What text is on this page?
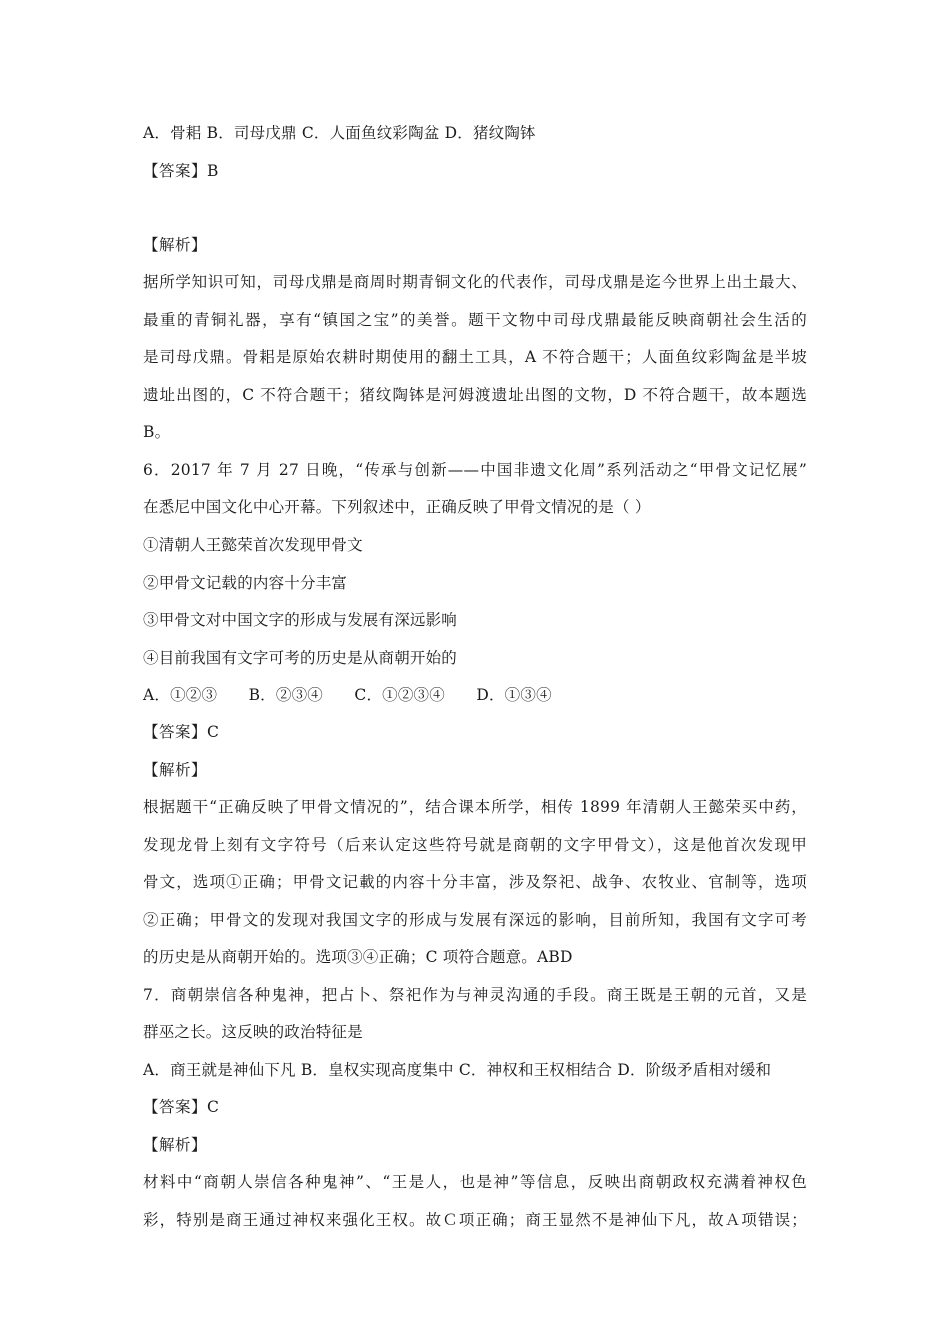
A．骨耜 B．司母戊鼎 C．人面鱼纹彩陶盆 D．猪纹陶钵
【答案】B
【解析】
据所学知识可知，司母戊鼎是商周时期青铜文化的代表作，司母戊鼎是迄今世界上出土最大、
最重的青铜礼器，享有“镇国之宝”的美誉。题干文物中司母戊鼎最能反映商朝社会生活的
是司母戊鼎。骨耜是原始农耕时期使用的翻土工具，A 不符合题干；人面鱼纹彩陶盆是半坡
遗址出图的，C 不符合题干；猪纹陶钵是河姆渡遗址出图的文物，D 不符合题干，故本题选
B。
6．2017 年 7 月 27 日晚，“传承与创新——中国非遗文化周”系列活动之“甲骨文记忆展”
在悉尼中国文化中心开幕。下列叙述中，正确反映了甲骨文情况的是（ ）
①清朝人王懿荣首次发现甲骨文
②甲骨文记载的内容十分丰富
③甲骨文对中国文字的形成与发展有深远影响
④目前我国有文字可考的历史是从商朝开始的
A．①②③　　B．②③④　　C．①②③④　　D．①③④
【答案】C
【解析】
根据题干“正确反映了甲骨文情况的”，结合课本所学，相传 1899 年清朝人王懿荣买中药，
发现龙骨上刻有文字符号（后来认定这些符号就是商朝的文字甲骨文），这是他首次发现甲
骨文，选项①正确；甲骨文记載的内容十分丰富，涉及祭祀、战争、农牧业、官制等，选项
②正确；甲骨文的发现对我国文字的形成与发展有深远的影响，目前所知，我国有文字可考
的历史是从商朝开始的。选项③④正确；C 项符合题意。ABD
7．商朝崇信各种鬼神，把占卜、祭祀作为与神灵沟通的手段。商王既是王朝的元首，又是
群巫之长。这反映的政治特征是
A．商王就是神仙下凡 B．皇权实现高度集中 C．神权和王权相结合 D．阶级矛盾相对缓和
【答案】C
【解析】
材料中“商朝人崇信各种鬼神”、“王是人，也是神”等信息，反映出商朝政权充满着神权色
彩，特别是商王通过神权来强化王权。故Ｃ项正确；商王显然不是神仙下凡，故Ａ项错误；
